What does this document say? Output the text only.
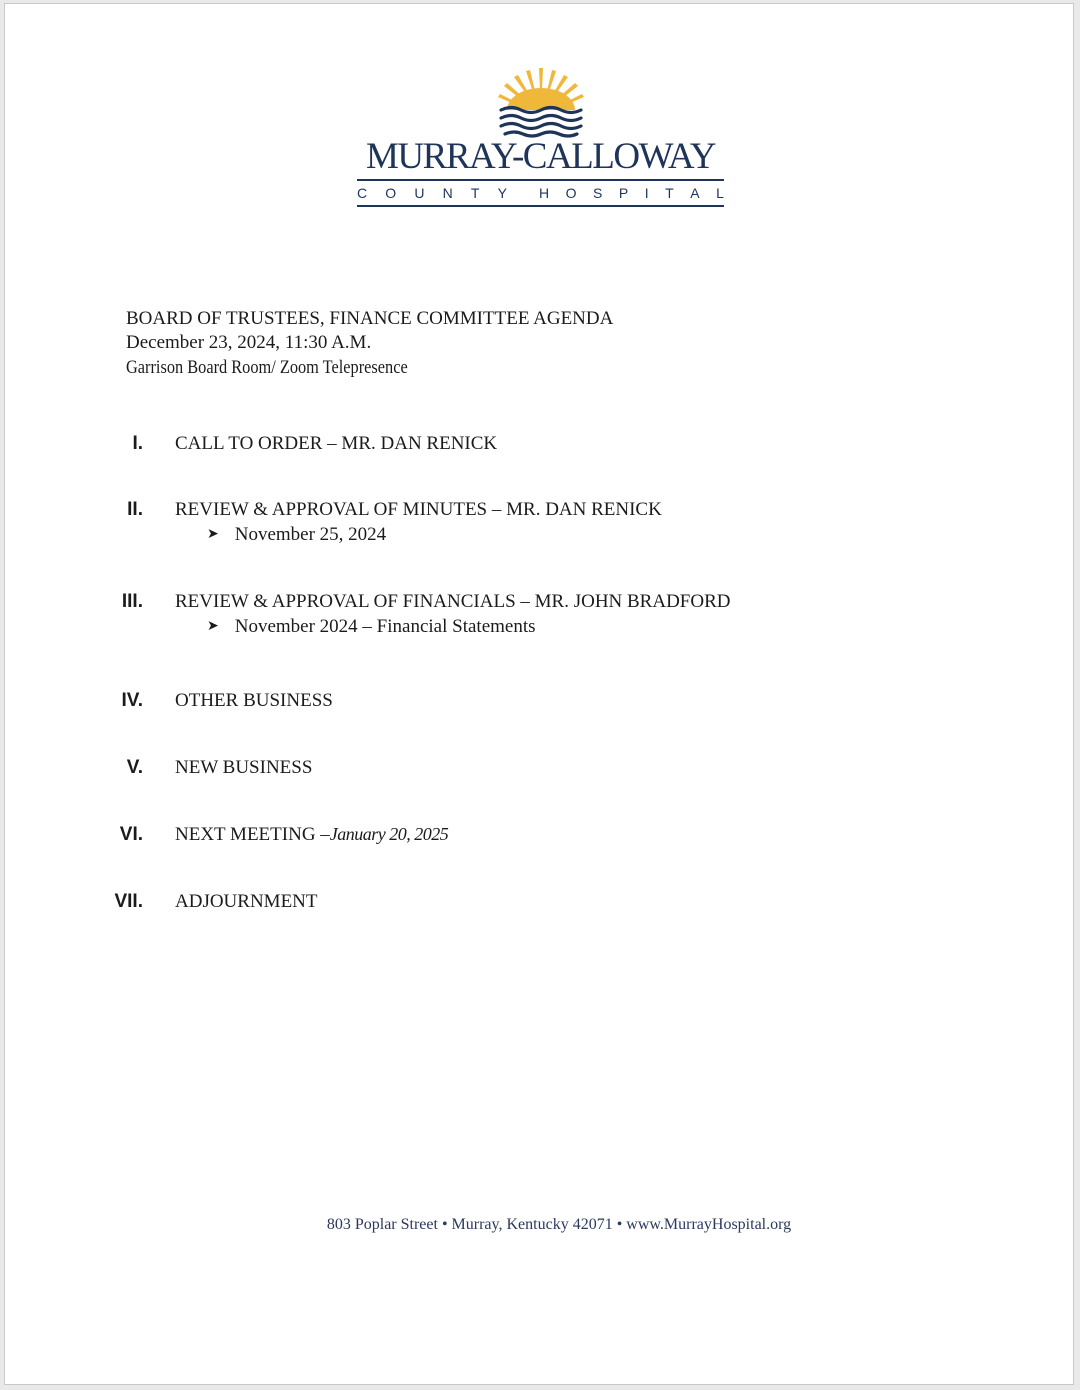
MURRAY-CALLOWAY
C O U N T Y H O S P I T A L
BOARD OF TRUSTEES, FINANCE COMMITTEE AGENDA
December 23, 2024, 11:30 A.M.
Garrison Board Room/ Zoom Telepresence
I. CALL TO ORDER – MR. DAN RENICK
II. REVIEW & APPROVAL OF MINUTES – MR. DAN RENICK
➤ November 25, 2024
III. REVIEW & APPROVAL OF FINANCIALS – MR. JOHN BRADFORD
➤ November 2024 – Financial Statements
IV. OTHER BUSINESS
V. NEW BUSINESS
VI. NEXT MEETING –January 20, 2025
VII. ADJOURNMENT
803 Poplar Street • Murray, Kentucky 42071 • www.MurrayHospital.org
